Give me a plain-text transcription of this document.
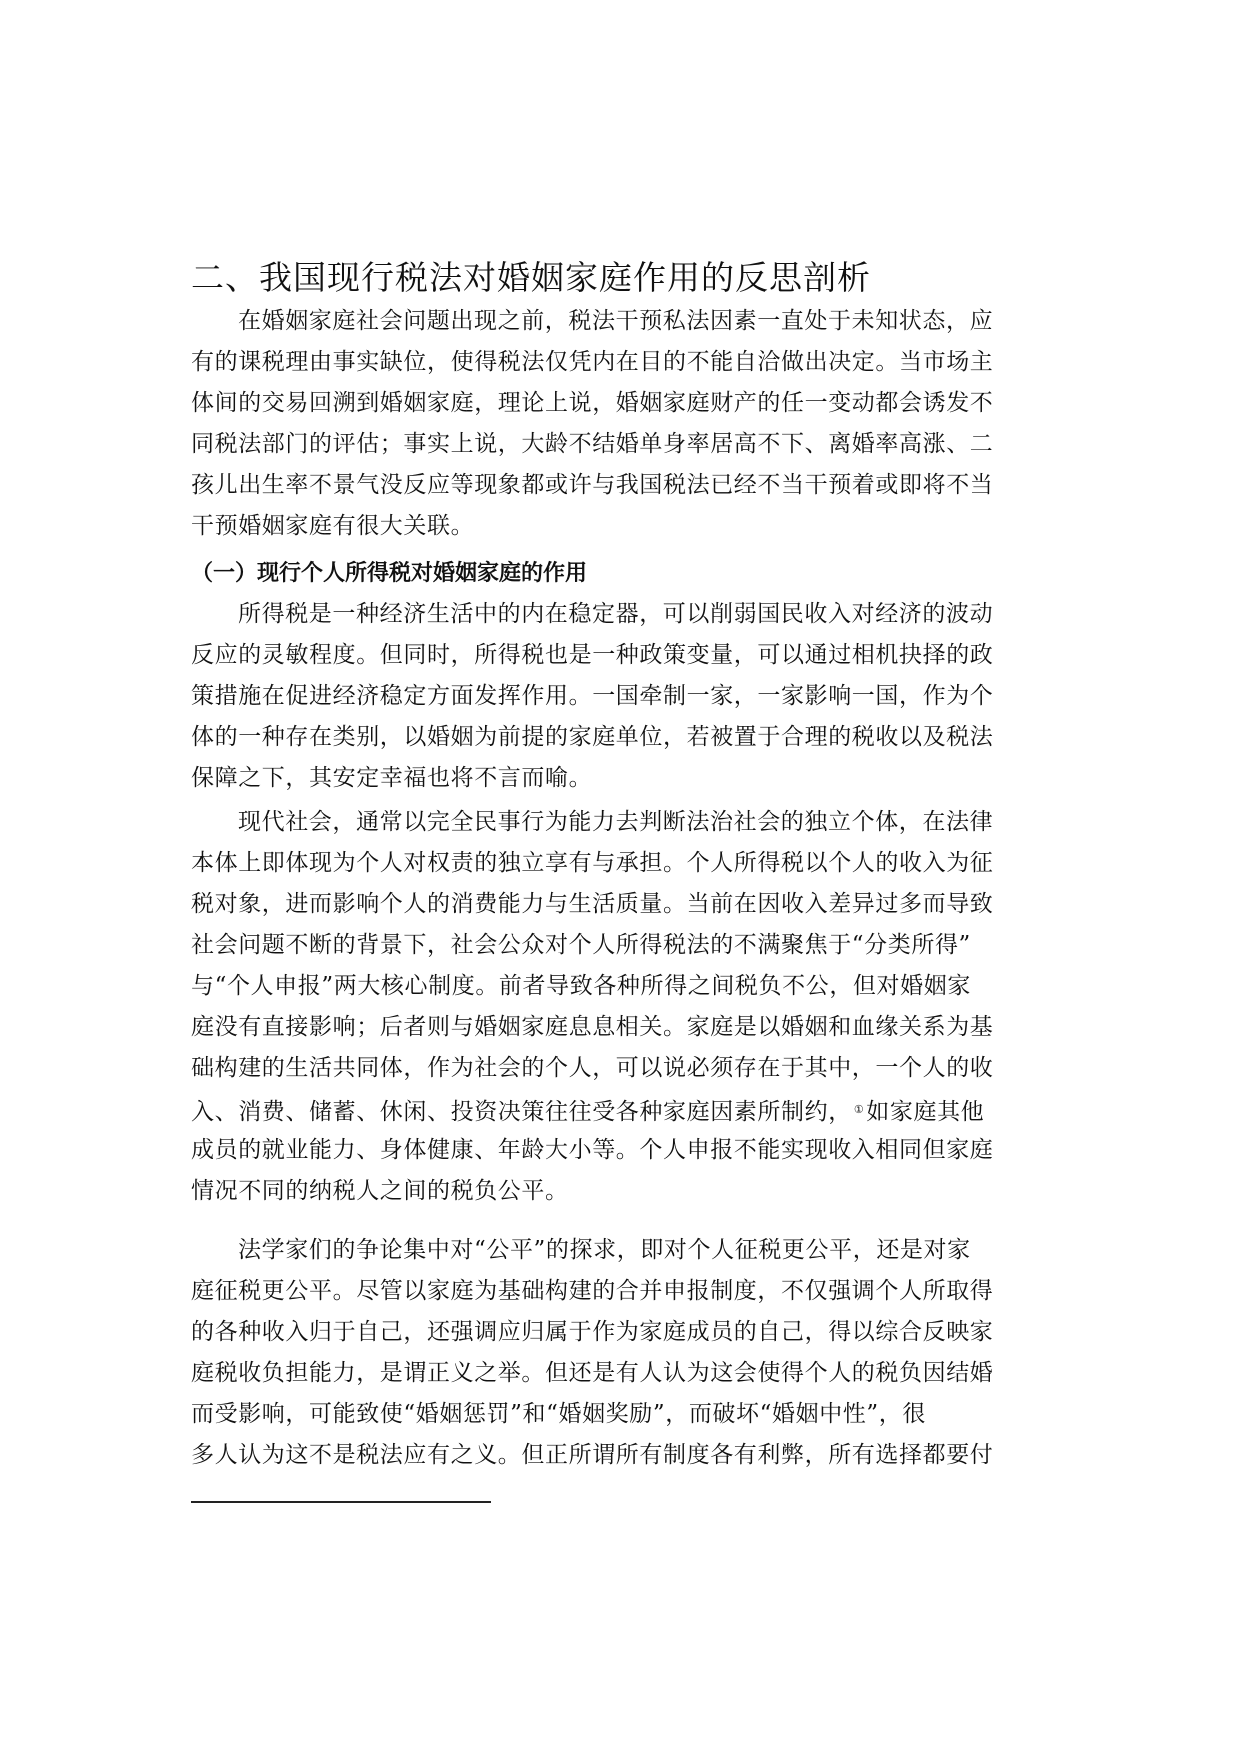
二、我国现行税法对婚姻家庭作用的反思剖析
在婚姻家庭社会问题出现之前，税法干预私法因素一直处于未知状态，应
有的课税理由事实缺位，使得税法仅凭内在目的不能自洽做出决定。当市场主
体间的交易回溯到婚姻家庭，理论上说，婚姻家庭财产的任一变动都会诱发不
同税法部门的评估；事实上说，大龄不结婚单身率居高不下、离婚率高涨、二
孩儿出生率不景气没反应等现象都或许与我国税法已经不当干预着或即将不当
干预婚姻家庭有很大关联。
（一）现行个人所得税对婚姻家庭的作用
所得税是一种经济生活中的内在稳定器，可以削弱国民收入对经济的波动
反应的灵敏程度。但同时，所得税也是一种政策变量，可以通过相机抉择的政
策措施在促进经济稳定方面发挥作用。一国牵制一家，一家影响一国，作为个
体的一种存在类别，以婚姻为前提的家庭单位，若被置于合理的税收以及税法
保障之下，其安定幸福也将不言而喻。
现代社会，通常以完全民事行为能力去判断法治社会的独立个体，在法律
本体上即体现为个人对权责的独立享有与承担。个人所得税以个人的收入为征
税对象，进而影响个人的消费能力与生活质量。当前在因收入差异过多而导致
社会问题不断的背景下，社会公众对个人所得税法的不满聚焦于“分类所得”
与“个人申报”两大核心制度。前者导致各种所得之间税负不公，但对婚姻家
庭没有直接影响；后者则与婚姻家庭息息相关。家庭是以婚姻和血缘关系为基
础构建的生活共同体，作为社会的个人，可以说必须存在于其中，一个人的收
入、消费、储蓄、休闲、投资决策往往受各种家庭因素所制约， ①如家庭其他
成员的就业能力、身体健康、年龄大小等。个人申报不能实现收入相同但家庭
情况不同的纳税人之间的税负公平。
法学家们的争论集中对“公平”的探求，即对个人征税更公平，还是对家
庭征税更公平。尽管以家庭为基础构建的合并申报制度，不仅强调个人所取得
的各种收入归于自己，还强调应归属于作为家庭成员的自己，得以综合反映家
庭税收负担能力，是谓正义之举。但还是有人认为这会使得个人的税负因结婚
而受影响，可能致使“婚姻惩罚”和“婚姻奖励”，而破坏“婚姻中性”，很
多人认为这不是税法应有之义。但正所谓所有制度各有利弊，所有选择都要付
